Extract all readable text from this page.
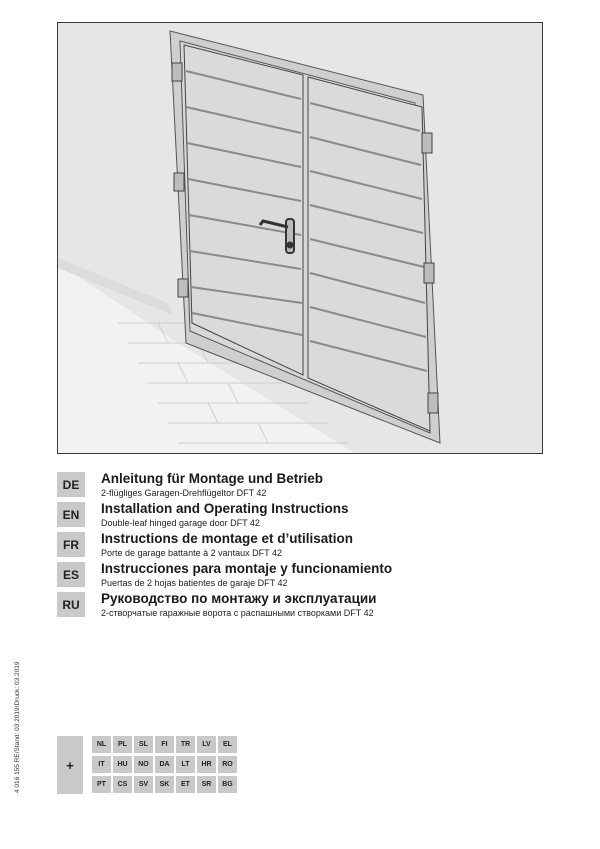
DE	Anleitung für Montage und Betrieb
2-flügliges Garagen-Drehflügeltor DFT 42
EN	Installation and Operating Instructions
Double-leaf hinged garage door DFT 42
FR	Instructions de montage et d’utilisation
Porte de garage battante à 2 vantaux DFT 42
ES	Instrucciones para montaje y funcionamiento
Puertas de 2 hojas batientes de garaje DFT 42
RU	Руководство по монтажу и эксплуатации
2-створчатые гаражные ворота с распашными створками DFT 42
4 016 155 RE/Stand: 03.2019/Druck: 03.2019	+
NL	PL	SL	FI	TR	LV	EL
IT	HU	NO	DA	LT	HR	RO
PT	CS	SV	SK	ET	SR	BG
